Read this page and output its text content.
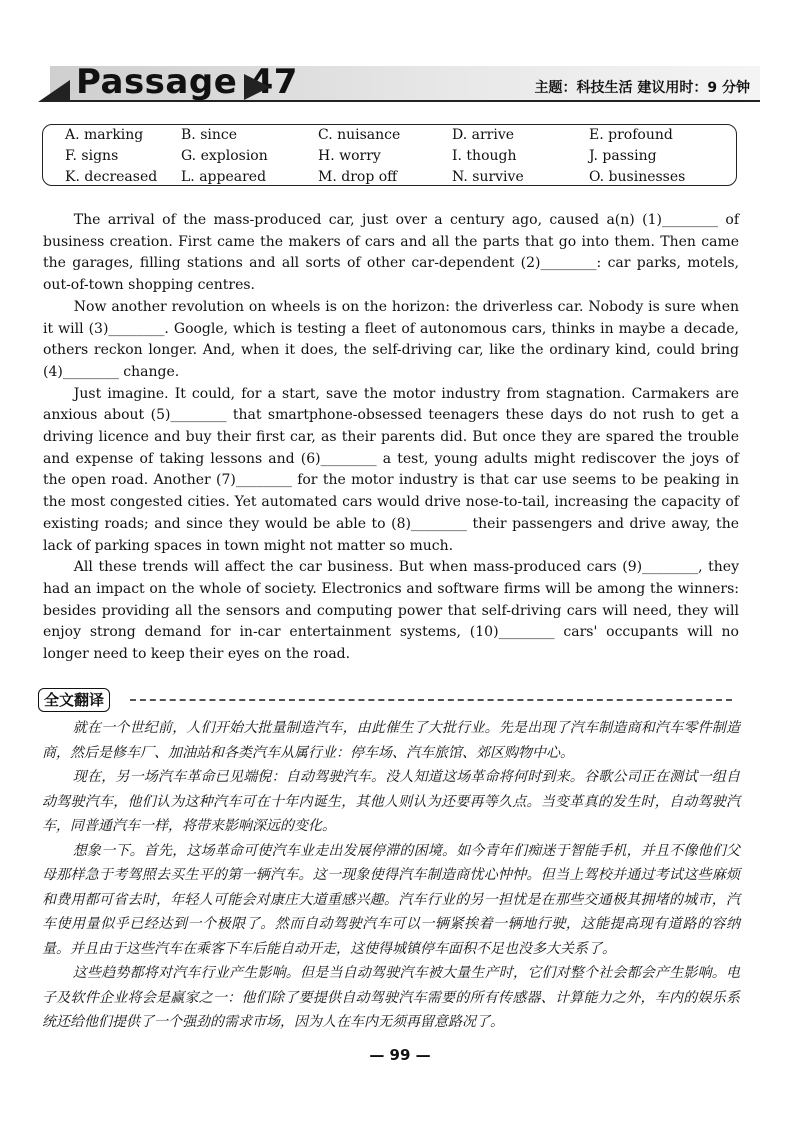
Passage 47	主题：科技生活 建议用时：9 分钟
A. marking	B. since	C. nuisance	D. arrive	E. profound
F. signs	G. explosion	H. worry	I. though	J. passing
K. decreased L. appeared	M. drop off	N. survive	O. businesses

The arrival of the mass-produced car, just over a century ago, caused a(n) (1)________ of business creation. First came the makers of cars and all the parts that go into them. Then came the garages, filling stations and all sorts of other car-dependent (2)________: car parks, motels, out-of-town shopping centres.

Now another revolution on wheels is on the horizon: the driverless car. Nobody is sure when it will (3)________. Google, which is testing a fleet of autonomous cars, thinks in maybe a decade, others reckon longer. And, when it does, the self-driving car, like the ordinary kind, could bring (4)________ change.

Just imagine. It could, for a start, save the motor industry from stagnation. Carmakers are anxious about (5)________ that smartphone-obsessed teenagers these days do not rush to get a driving licence and buy their first car, as their parents did. But once they are spared the trouble and expense of taking lessons and (6)________ a test, young adults might rediscover the joys of the open road. Another (7)________ for the motor industry is that car use seems to be peaking in the most congested cities. Yet automated cars would drive nose-to-tail, increasing the capacity of existing roads; and since they would be able to (8)________ their passengers and drive away, the lack of parking spaces in town might not matter so much.

All these trends will affect the car business. But when mass-produced cars (9)________, they had an impact on the whole of society. Electronics and software firms will be among the winners: besides providing all the sensors and computing power that self-driving cars will need, they will enjoy strong demand for in-car entertainment systems, (10)________ cars' occupants will no longer need to keep their eyes on the road.

全文翻译

就在一个世纪前，人们开始大批量制造汽车，由此催生了大批行业。先是出现了汽车制造商和汽车零件制造商，然后是修车厂、加油站和各类汽车从属行业：停车场、汽车旅馆、郊区购物中心。

现在，另一场汽车革命已见端倪：自动驾驶汽车。没人知道这场革命将何时到来。谷歌公司正在测试一组自动驾驶汽车，他们认为这种汽车可在十年内诞生，其他人则认为还要再等久点。当变革真的发生时，自动驾驶汽车，同普通汽车一样，将带来影响深远的变化。

想象一下。首先，这场革命可使汽车业走出发展停滞的困境。如今青年们痴迷于智能手机，并且不像他们父母那样急于考驾照去买生平的第一辆汽车。这一现象使得汽车制造商忧心忡忡。但当上驾校并通过考试这些麻烦和费用都可省去时，年轻人可能会对康庄大道重感兴趣。汽车行业的另一担忧是在那些交通极其拥堵的城市，汽车使用量似乎已经达到一个极限了。然而自动驾驶汽车可以一辆紧挨着一辆地行驶，这能提高现有道路的容纳量。并且由于这些汽车在乘客下车后能自动开走，这使得城镇停车面积不足也没多大关系了。

这些趋势都将对汽车行业产生影响。但是当自动驾驶汽车被大量生产时，它们对整个社会都会产生影响。电子及软件企业将会是赢家之一：他们除了要提供自动驾驶汽车需要的所有传感器、计算能力之外，车内的娱乐系统还给他们提供了一个强劲的需求市场，因为人在车内无须再留意路况了。

— 99 —
